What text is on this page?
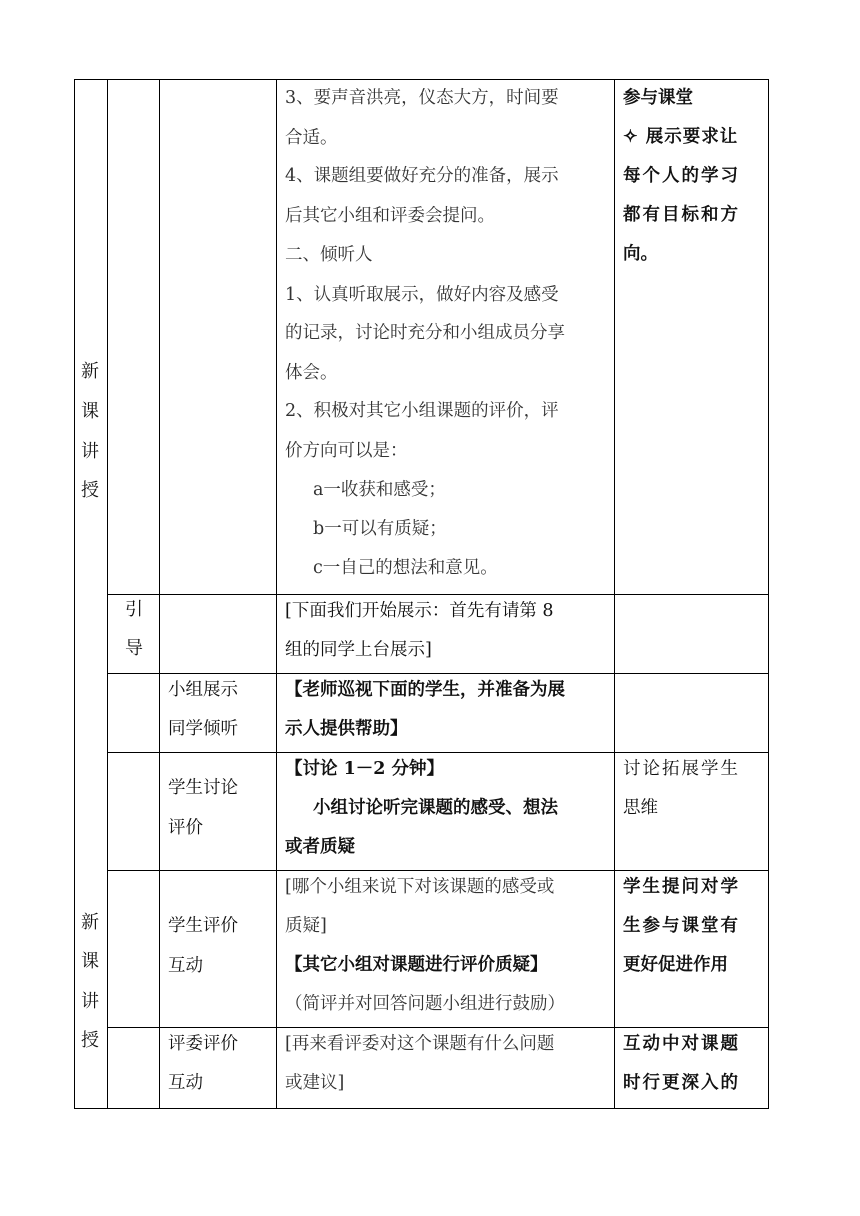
新
课
讲
授
新
课
讲
授
3、要声音洪亮，仪态大方，时间要
合适。
4、课题组要做好充分的准备，展示
后其它小组和评委会提问。
二、倾听人
1、认真听取展示，做好内容及感受
的记录，讨论时充分和小组成员分享
体会。
2、积极对其它小组课题的评价，评
价方向可以是：
a一收获和感受；
b一可以有质疑；
c一自己的想法和意见。
参与课堂
✧ 展示要求让
每个人的学习
都有目标和方
向。
引
导
[下面我们开始展示：首先有请第 8
组的同学上台展示]
小组展示
同学倾听
【老师巡视下面的学生，并准备为展
示人提供帮助】
学生讨论
评价
【讨论 1－2 分钟】
小组讨论听完课题的感受、想法
或者质疑
讨论拓展学生
思维
学生评价
互动
[哪个小组来说下对该课题的感受或
质疑]
【其它小组对课题进行评价质疑】
（简评并对回答问题小组进行鼓励）
学生提问对学
生参与课堂有
更好促进作用
评委评价
互动
[再来看评委对这个课题有什么问题
或建议]
互动中对课题
时行更深入的
